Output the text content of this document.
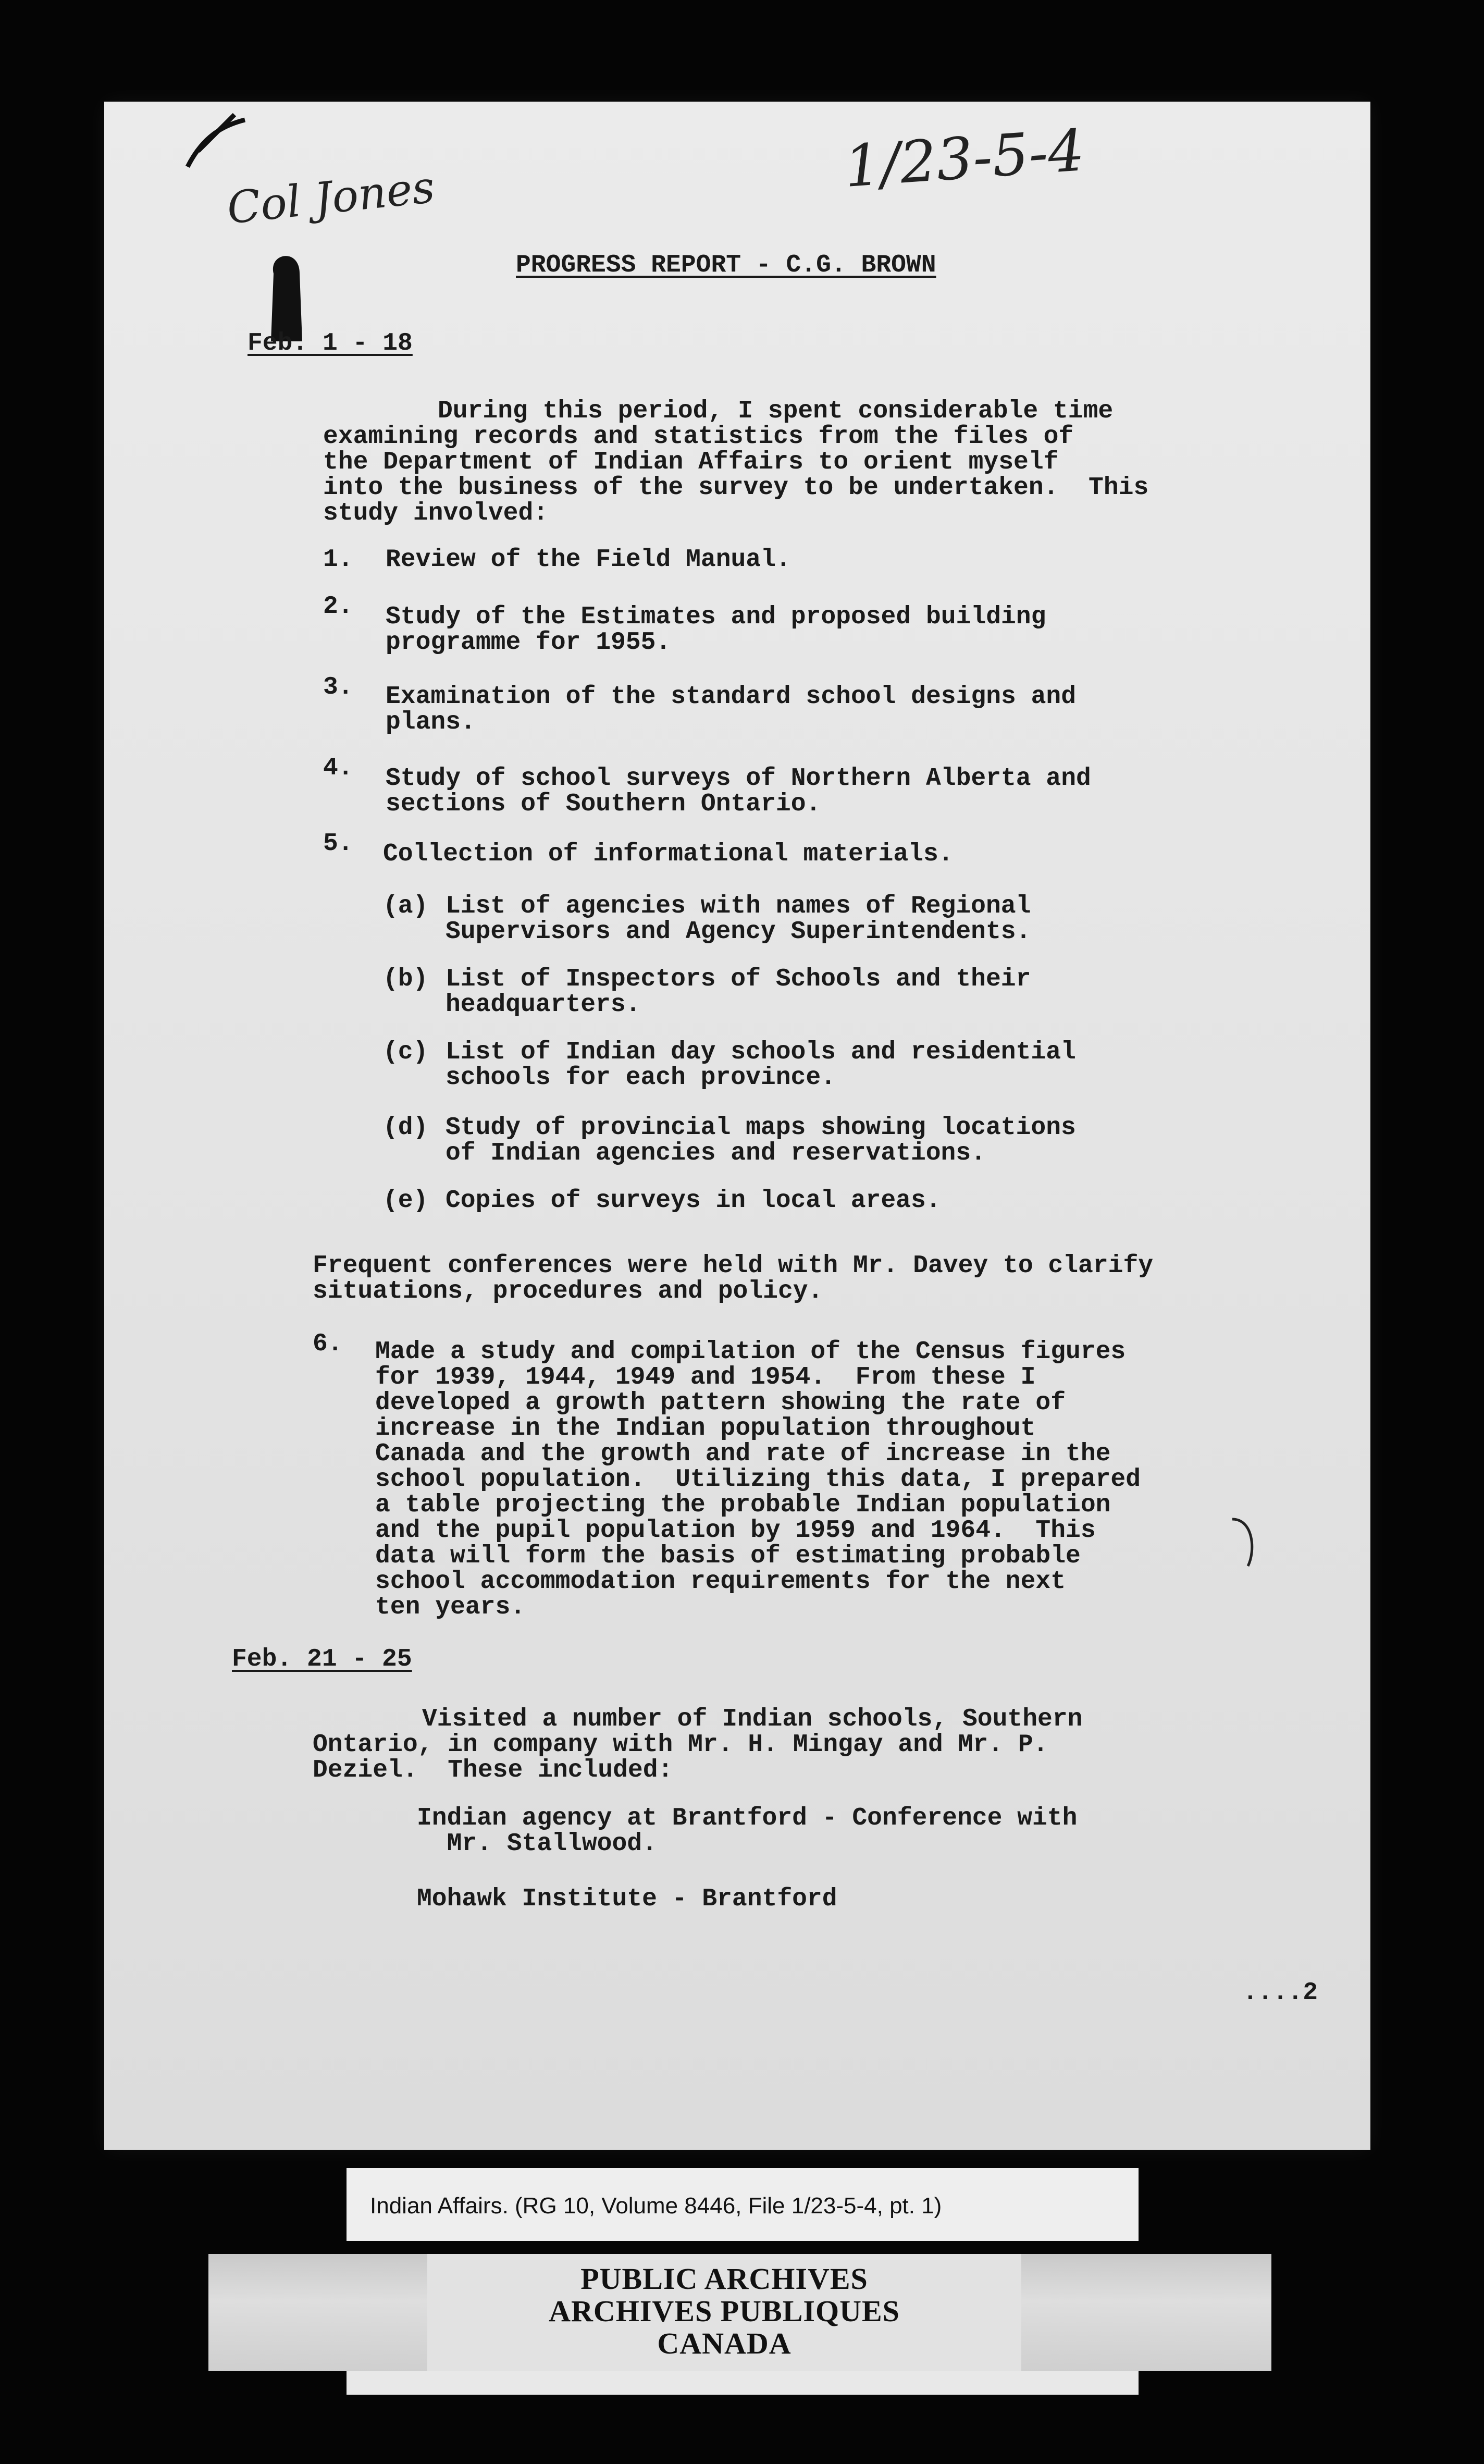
1/23-5-4
Col Jones
PROGRESS REPORT - C.G. BROWN
Feb. 1 - 18
During this period, I spent considerable time
examining records and statistics from the files of
the Department of Indian Affairs to orient myself
into the business of the survey to be undertaken.  This
study involved:
1. Review of the Field Manual.
2. Study of the Estimates and proposed building
programme for 1955.
3. Examination of the standard school designs and
plans.
4. Study of school surveys of Northern Alberta and
sections of Southern Ontario.
5. Collection of informational materials.
(a) List of agencies with names of Regional
Supervisors and Agency Superintendents.
(b) List of Inspectors of Schools and their
headquarters.
(c) List of Indian day schools and residential
schools for each province.
(d) Study of provincial maps showing locations
of Indian agencies and reservations.
(e) Copies of surveys in local areas.
Frequent conferences were held with Mr. Davey to clarify
situations, procedures and policy.
6. Made a study and compilation of the Census figures
for 1939, 1944, 1949 and 1954.  From these I
developed a growth pattern showing the rate of
increase in the Indian population throughout
Canada and the growth and rate of increase in the
school population.  Utilizing this data, I prepared
a table projecting the probable Indian population
and the pupil population by 1959 and 1964.  This
data will form the basis of estimating probable
school accommodation requirements for the next
ten years.
Feb. 21 - 25
Visited a number of Indian schools, Southern
Ontario, in company with Mr. H. Mingay and Mr. P.
Deziel.  These included:
Indian agency at Brantford - Conference with
Mr. Stallwood.
Mohawk Institute - Brantford
....2
Indian Affairs. (RG 10, Volume 8446, File 1/23-5-4, pt. 1)
PUBLIC ARCHIVES
ARCHIVES PUBLIQUES
CANADA
